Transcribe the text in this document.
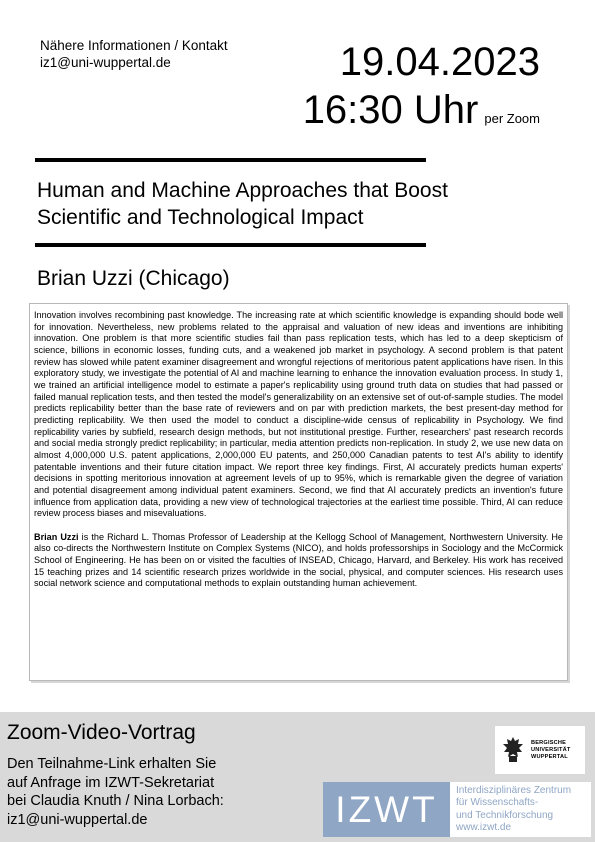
Nähere Informationen / Kontakt
iz1@uni-wuppertal.de	19.04.2023
16:30 Uhr per Zoom
Human and Machine Approaches that Boost
Scientific and Technological Impact
Brian Uzzi (Chicago)

Innovation involves recombining past knowledge. The increasing rate at which scientific knowledge is expanding should bode well for innovation. Nevertheless, new problems related to the appraisal and valuation of new ideas and inventions are inhibiting innovation. One problem is that more scientific studies fail than pass replication tests, which has led to a deep skepticism of science, billions in economic losses, funding cuts, and a weakened job market in psychology. A second problem is that patent review has slowed while patent examiner disagreement and wrongful rejections of meritorious patent applications have risen. In this exploratory study, we investigate the potential of AI and machine learning to enhance the innovation evaluation process. In study 1, we trained an artificial intelligence model to estimate a paper's replicability using ground truth data on studies that had passed or failed manual replication tests, and then tested the model's generalizability on an extensive set of out-of-sample studies. The model predicts replicability better than the base rate of reviewers and on par with prediction markets, the best present-day method for predicting replicability. We then used the model to conduct a discipline-wide census of replicability in Psychology. We find replicability varies by subfield, research design methods, but not institutional prestige. Further, researchers' past research records and social media strongly predict replicability; in particular, media attention predicts non-replication. In study 2, we use new data on almost 4,000,000 U.S. patent applications, 2,000,000 EU patents, and 250,000 Canadian patents to test AI's ability to identify patentable inventions and their future citation impact. We report three key findings. First, AI accurately predicts human experts' decisions in spotting meritorious innovation at agreement levels of up to 95%, which is remarkable given the degree of variation and potential disagreement among individual patent examiners. Second, we find that AI accurately predicts an invention's future influence from application data, providing a new view of technological trajectories at the earliest time possible. Third, AI can reduce review process biases and misevaluations.

Brian Uzzi is the Richard L. Thomas Professor of Leadership at the Kellogg School of Management, Northwestern University. He also co-directs the Northwestern Institute on Complex Systems (NICO), and holds professorships in Sociology and the McCormick School of Engineering. He has been on or visited the faculties of INSEAD, Chicago, Harvard, and Berkeley. His work has received 15 teaching prizes and 14 scientific research prizes worldwide in the social, physical, and computer sciences. His research uses social network science and computational methods to explain outstanding human achievement.

Zoom-Video-Vortrag
Den Teilnahme-Link erhalten Sie
auf Anfrage im IZWT-Sekretariat
bei Claudia Knuth / Nina Lorbach:
iz1@uni-wuppertal.de
BERGISCHE
UNIVERSITÄT
WUPPERTAL
IZWT	Interdisziplinäres Zentrum
für Wissenschafts-
und Technikforschung
www.izwt.de
